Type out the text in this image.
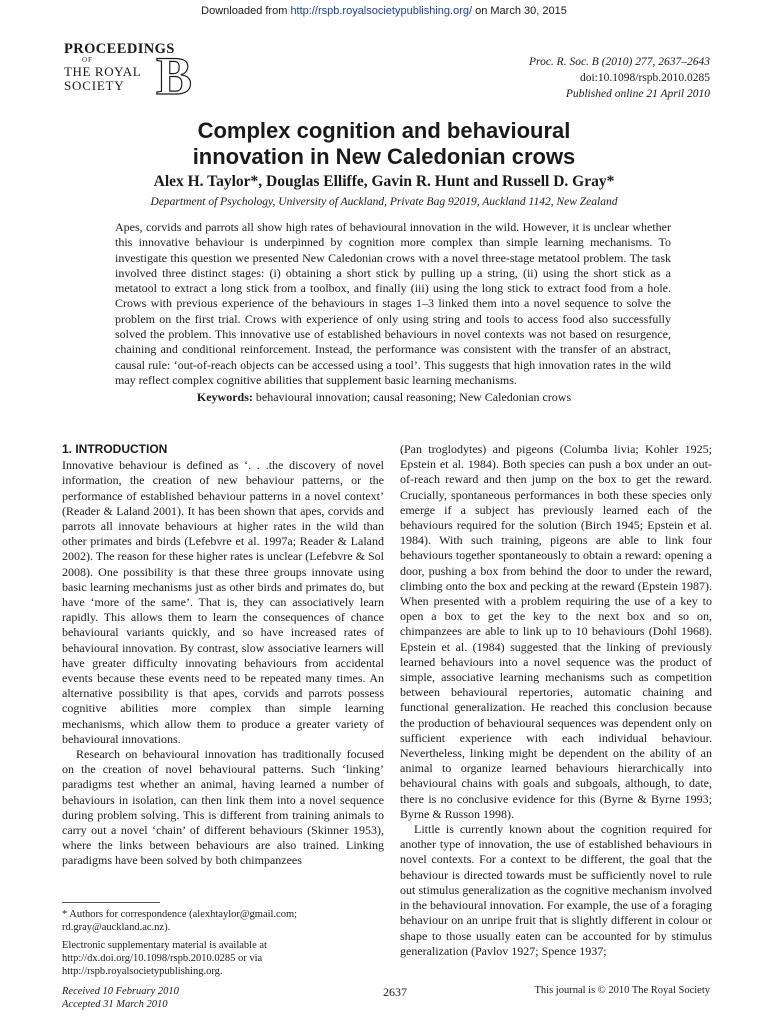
Downloaded from http://rspb.royalsocietypublishing.org/ on March 30, 2015
PROCEEDINGS
OF
THE ROYAL
SOCIETY B	Proc. R. Soc. B (2010) 277, 2637–2643
doi:10.1098/rspb.2010.0285
Published online 21 April 2010
Complex cognition and behavioural
innovation in New Caledonian crows
Alex H. Taylor*, Douglas Elliffe, Gavin R. Hunt and Russell D. Gray*
Department of Psychology, University of Auckland, Private Bag 92019, Auckland 1142, New Zealand
Apes, corvids and parrots all show high rates of behavioural innovation in the wild. However, it is unclear whether this innovative behaviour is underpinned by cognition more complex than simple learning mechanisms. To investigate this question we presented New Caledonian crows with a novel three-stage metatool problem. The task involved three distinct stages: (i) obtaining a short stick by pulling up a string, (ii) using the short stick as a metatool to extract a long stick from a toolbox, and finally (iii) using the long stick to extract food from a hole. Crows with previous experience of the behaviours in stages 1–3 linked them into a novel sequence to solve the problem on the first trial. Crows with experience of only using string and tools to access food also successfully solved the problem. This innovative use of established behaviours in novel contexts was not based on resurgence, chaining and conditional reinforcement. Instead, the performance was consistent with the transfer of an abstract, causal rule: ‘out-of-reach objects can be accessed using a tool’. This suggests that high innovation rates in the wild may reflect complex cognitive abilities that supplement basic learning mechanisms.
Keywords: behavioural innovation; causal reasoning; New Caledonian crows
1. INTRODUCTION

Innovative behaviour is defined as ‘. . .the discovery of novel information, the creation of new behaviour patterns, or the performance of established behaviour patterns in a novel context’ (Reader & Laland 2001). It has been shown that apes, corvids and parrots all innovate behaviours at higher rates in the wild than other primates and birds (Lefebvre et al. 1997a; Reader & Laland 2002). The reason for these higher rates is unclear (Lefebvre & Sol 2008). One possibility is that these three groups innovate using basic learning mechanisms just as other birds and primates do, but have ‘more of the same’. That is, they can associatively learn rapidly. This allows them to learn the consequences of chance behavioural variants quickly, and so have increased rates of behavioural innovation. By contrast, slow associative learners will have greater difficulty innovating behaviours from accidental events because these events need to be repeated many times. An alternative possibility is that apes, corvids and parrots possess cognitive abilities more complex than simple learning mechanisms, which allow them to produce a greater variety of behavioural innovations.

Research on behavioural innovation has traditionally focused on the creation of novel behavioural patterns. Such ‘linking’ paradigms test whether an animal, having learned a number of behaviours in isolation, can then link them into a novel sequence during problem solving. This is different from training animals to carry out a novel ‘chain’ of different behaviours (Skinner 1953), where the links between behaviours are also trained. Linking paradigms have been solved by both chimpanzees

(Pan troglodytes) and pigeons (Columba livia; Kohler 1925; Epstein et al. 1984). Both species can push a box under an out-of-reach reward and then jump on the box to get the reward. Crucially, spontaneous performances in both these species only emerge if a subject has previously learned each of the behaviours required for the solution (Birch 1945; Epstein et al. 1984). With such training, pigeons are able to link four behaviours together spontaneously to obtain a reward: opening a door, pushing a box from behind the door to under the reward, climbing onto the box and pecking at the reward (Epstein 1987). When presented with a problem requiring the use of a key to open a box to get the key to the next box and so on, chimpanzees are able to link up to 10 behaviours (Dohl 1968). Epstein et al. (1984) suggested that the linking of previously learned behaviours into a novel sequence was the product of simple, associative learning mechanisms such as competition between behavioural repertories, automatic chaining and functional generalization. He reached this conclusion because the production of behavioural sequences was dependent only on sufficient experience with each individual behaviour. Nevertheless, linking might be dependent on the ability of an animal to organize learned behaviours hierarchically into behavioural chains with goals and subgoals, although, to date, there is no conclusive evidence for this (Byrne & Byrne 1993; Byrne & Russon 1998).

Little is currently known about the cognition required for another type of innovation, the use of established behaviours in novel contexts. For a context to be different, the goal that the behaviour is directed towards must be sufficiently novel to rule out stimulus generalization as the cognitive mechanism involved in the behavioural innovation. For example, the use of a foraging behaviour on an unripe fruit that is slightly different in colour or shape to those usually eaten can be accounted for by stimulus generalization (Pavlov 1927; Spence 1937;

* Authors for correspondence (alexhtaylor@gmail.com; rd.gray@auckland.ac.nz).

Electronic supplementary material is available at http://dx.doi.org/10.1098/rspb.2010.0285 or via http://rspb.royalsocietypublishing.org.

Received 10 February 2010
Accepted 31 March 2010
2637	This journal is © 2010 The Royal Society
